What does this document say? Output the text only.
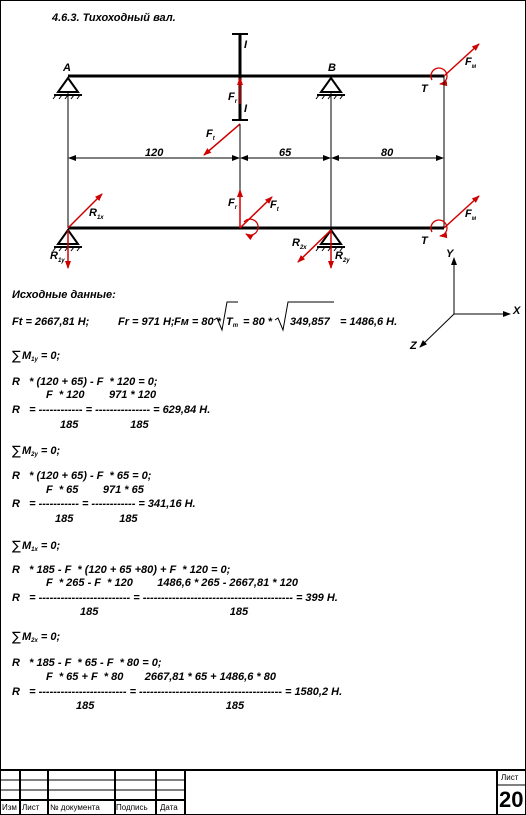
A	B
I
I
$F_r$
$F_t$
$F_м$
T
120	65	80
$F_r$	$F_t$	$F_м$
T
$R_{1x}$
$R_{1y}$
$R_{2x}$
$R_{2y}$
Y
X
Z
∑
∑
∑
∑
4.6.3. Тихоходный вал.
Исходные данные:
Ft = 2667,81 Н;	Fr = 971 Н; Fм = $80 * T_т = 80 * 349,857 = 1486,6$ Н.
$M_{1y} = 0$;
R   * (120 + 65) - F  * 120 = 0;
F  * 120        971 * 120
R   = ------------ = --------------- = 629,84 Н.
185                 185
$M_{2y} = 0$;
R   * (120 + 65) - F  * 65 = 0;
F  * 65        971 * 65
R   = ----------- = ------------ = 341,16 Н.
185               185
$M_{1x} = 0$;
R   * 185 - F  * (120 + 65 +80) + F  * 120 = 0;
F  * 265 - F  * 120        1486,6 * 265 - 2667,81 * 120
R   = ------------------------- = ----------------------------------------- = 399 Н.
185                                           185
$M_{2x} = 0$;
R   * 185 - F  * 65 - F  * 80 = 0;
F  * 65 + F  * 80       2667,81 * 65 + 1486,6 * 80
R   = ------------------------ = --------------------------------------- = 1580,2 Н.
185                                           185
Изм Лист № документа Подпись Дата
Лист
20
